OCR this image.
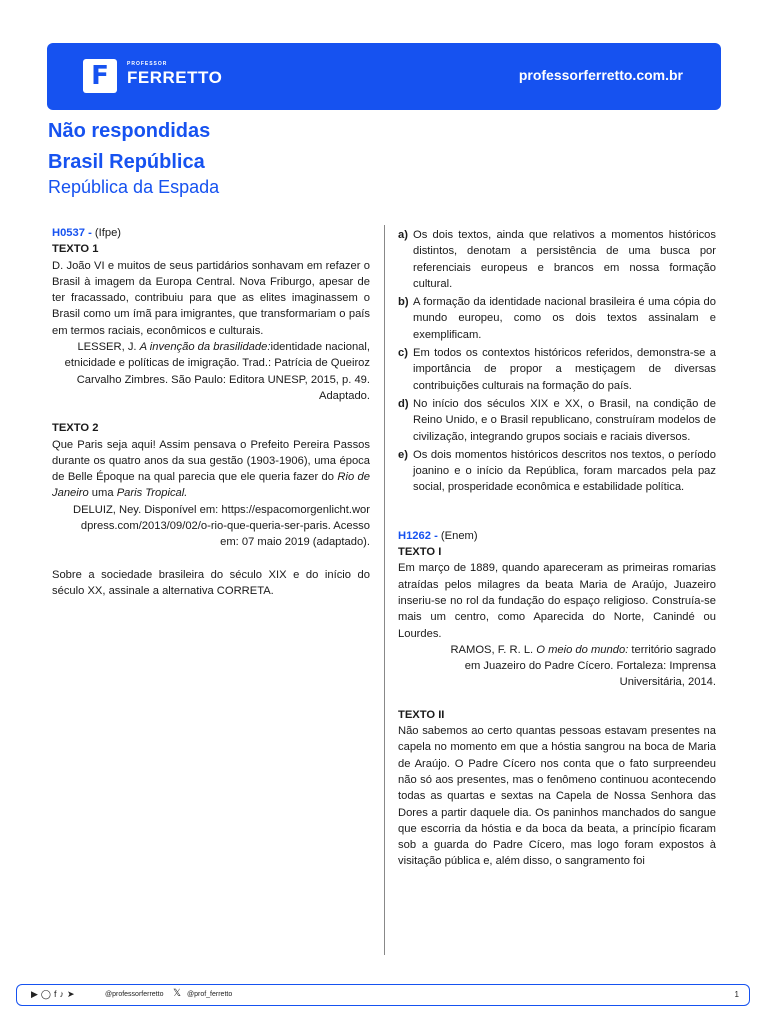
F	PROFESSOR
FERRETTO	professorferretto.com.br
Não respondidas
Brasil República
República da Espada
H0537 - (Ifpe)
TEXTO 1
D. João VI e muitos de seus partidários sonhavam em refazer o Brasil à imagem da Europa Central. Nova Friburgo, apesar de ter fracassado, contribuiu para que as elites imaginassem o Brasil como um ímã para imigrantes, que transformariam o país em termos raciais, econômicos e culturais.
LESSER, J. A invenção da brasilidade:identidade nacional, etnicidade e políticas de imigração. Trad.: Patrícia de Queiroz Carvalho Zimbres. São Paulo: Editora UNESP, 2015, p. 49. Adaptado.
TEXTO 2
Que Paris seja aqui! Assim pensava o Prefeito Pereira Passos durante os quatro anos da sua gestão (1903-1906), uma época de Belle Époque na qual parecia que ele queria fazer do Rio de Janeiro uma Paris Tropical.
DELUIZ, Ney. Disponível em: https://espacomorgenlicht.wordpress.com/2013/09/02/o-rio-que-queria-ser-paris. Acesso em: 07 maio 2019 (adaptado).
Sobre a sociedade brasileira do século XIX e do início do século XX, assinale a alternativa CORRETA.
a) Os dois textos, ainda que relativos a momentos históricos distintos, denotam a persistência de uma busca por referenciais europeus e brancos em nossa formação cultural.
b) A formação da identidade nacional brasileira é uma cópia do mundo europeu, como os dois textos assinalam e exemplificam.
c) Em todos os contextos históricos referidos, demonstra-se a importância de propor a mestiçagem de diversas contribuições culturais na formação do país.
d) No início dos séculos XIX e XX, o Brasil, na condição de Reino Unido, e o Brasil republicano, construíram modelos de civilização, integrando grupos sociais e raciais diversos.
e) Os dois momentos históricos descritos nos textos, o período joanino e o início da República, foram marcados pela paz social, prosperidade econômica e estabilidade política.
H1262 - (Enem)
TEXTO I
Em março de 1889, quando apareceram as primeiras romarias atraídas pelos milagres da beata Maria de Araújo, Juazeiro inseriu-se no rol da fundação do espaço religioso. Construía-se mais um centro, como Aparecida do Norte, Canindé ou Lourdes.
RAMOS, F. R. L. O meio do mundo: território sagrado em Juazeiro do Padre Cícero. Fortaleza: Imprensa Universitária, 2014.
TEXTO II
Não sabemos ao certo quantas pessoas estavam presentes na capela no momento em que a hóstia sangrou na boca de Maria de Araújo. O Padre Cícero nos conta que o fato surpreendeu não só aos presentes, mas o fenômeno continuou acontecendo todas as quartas e sextas na Capela de Nossa Senhora das Dores a partir daquele dia. Os paninhos manchados do sangue que escorria da hóstia e da boca da beata, a princípio ficaram sob a guarda do Padre Cícero, mas logo foram expostos à visitação pública e, além disso, o sangramento foi
▶ ◯ f ♪ ➤	@professorferretto 𝕏 @prof_ferretto	1
